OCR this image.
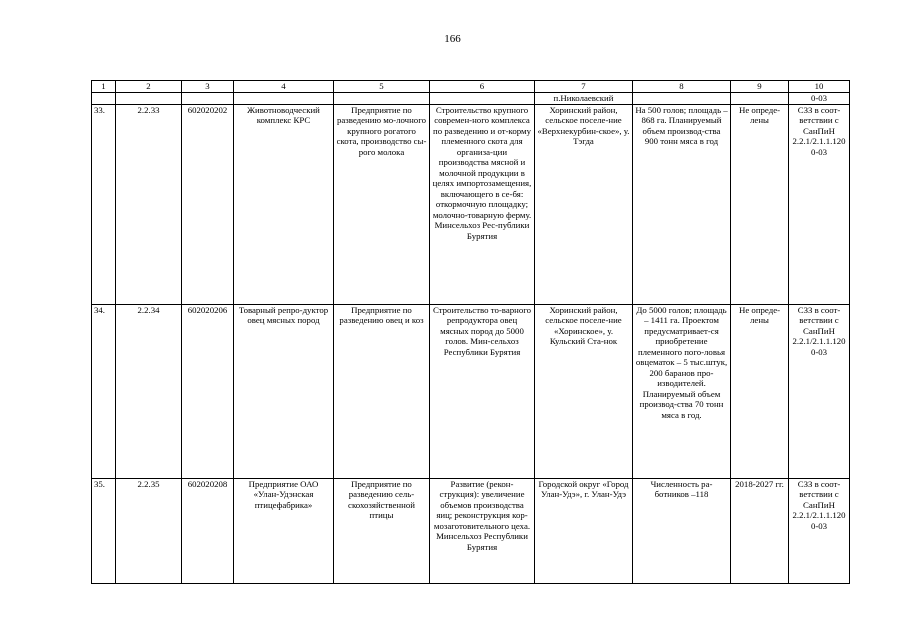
166
1	2	3	4	5	6	7	8	9	10
						п.Николаевский			0-03
33.	2.2.33	602020202	Животноводческий комплекс КРС	Предприятие по разведению мо-лочного крупного рогатого скота, производство сы-рого молока	Строительство крупного современ-ного комплекса по разведению и от-корму племенного скота для организа-ции производства мясной и молочной продукции в целях импортозамещения, включающего в се-бя: откормочную площадку; молочно-товарную ферму. Минсельхоз Рес-публики Бурятия	Хоринский район, сельское поселе-ние «Верхнекурбин-ское», у. Тэгда	На 500 голов; площадь – 868 га. Планируемый объем производ-ства 900 тонн мяса в год	Не опреде-лены	СЗЗ в соот-ветствии с СанПиН 2.2.1/2.1.1.120 0-03
34.	2.2.34	602020206	Товарный репро-дуктор овец мясных пород	Предприятие по разведению овец и коз	Строительство то-варного репродуктора овец мясных пород до 5000 голов. Мин-сельхоз Республики Бурятия	Хоринский район, сельское поселе-ние «Хоринское», у. Кульский Ста-нок	До 5000 голов; площадь – 1411 га. Проектом предусматривает-ся приобретение племенного пого-ловья овцематок – 5 тыс.штук, 200 баранов про-изводителей. Планируемый объем производ-ства 70 тонн мяса в год.	Не опреде-лены	СЗЗ в соот-ветствии с СанПиН 2.2.1/2.1.1.120 0-03
35.	2.2.35	602020208	Предприятие ОАО «Улан-Удэнская птицефабрика»	Предприятие по разведению сель-скохозяйственной птицы	Развитие (рекон-струкция): увеличение объемов производства яиц; реконструкция кор-мозаготовительного цеха. Минсельхоз Республики Бурятия	Городской округ «Город Улан-Удэ», г. Улан-Удэ	Численность ра-ботников –118	2018-2027 гг.	СЗЗ в соот-ветствии с СанПиН 2.2.1/2.1.1.120 0-03
